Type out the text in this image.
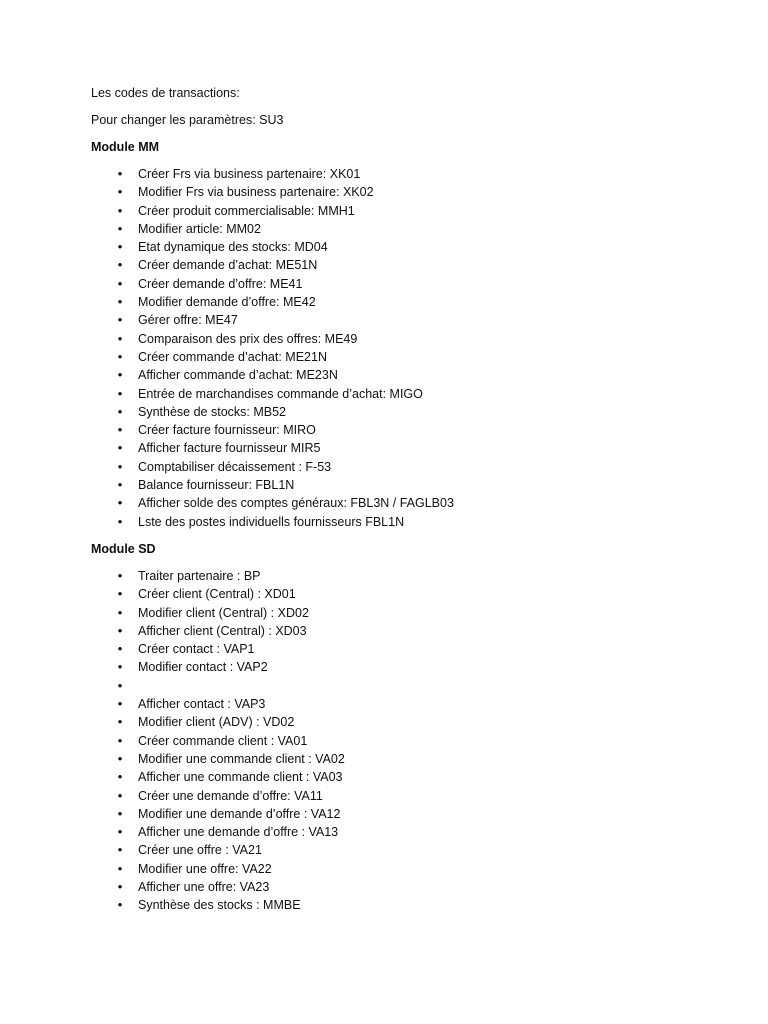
Les codes de transactions:

Pour changer les paramètres: SU3

Module MM

•
Créer Frs via business partenaire: XK01
•
Modifier Frs via business partenaire: XK02
•
Créer produit commercialisable: MMH1
•
Modifier article: MM02
•
Etat dynamique des stocks: MD04
•
Créer demande d’achat: ME51N
•
Créer demande d’offre: ME41
•
Modifier demande d’offre: ME42
•
Gérer offre: ME47
•
Comparaison des prix des offres: ME49
•
Créer commande d’achat: ME21N
•
Afficher commande d’achat: ME23N
•
Entrée de marchandises commande d’achat: MIGO
•
Synthèse de stocks: MB52
•
Créer facture fournisseur: MIRO
•
Afficher facture fournisseur MIR5
•
Comptabiliser décaissement : F-53
•
Balance fournisseur: FBL1N
•
Afficher solde des comptes généraux: FBL3N / FAGLB03
•
Lste des postes individuells fournisseurs FBL1N

Module SD

•
Traiter partenaire : BP
•
Créer client (Central) : XD01
•
Modifier client (Central) : XD02
•
Afficher client (Central) : XD03
•
Créer contact : VAP1
•
Modifier contact : VAP2
•
•
Afficher contact : VAP3
•
Modifier client (ADV) : VD02
•
Créer commande client : VA01
•
Modifier une commande client : VA02
•
Afficher une commande client : VA03
•
Créer une demande d’offre: VA11
•
Modifier une demande d’offre : VA12
•
Afficher une demande d’offre : VA13
•
Créer une offre : VA21
•
Modifier une offre: VA22
•
Afficher une offre: VA23
•
Synthèse des stocks : MMBE
